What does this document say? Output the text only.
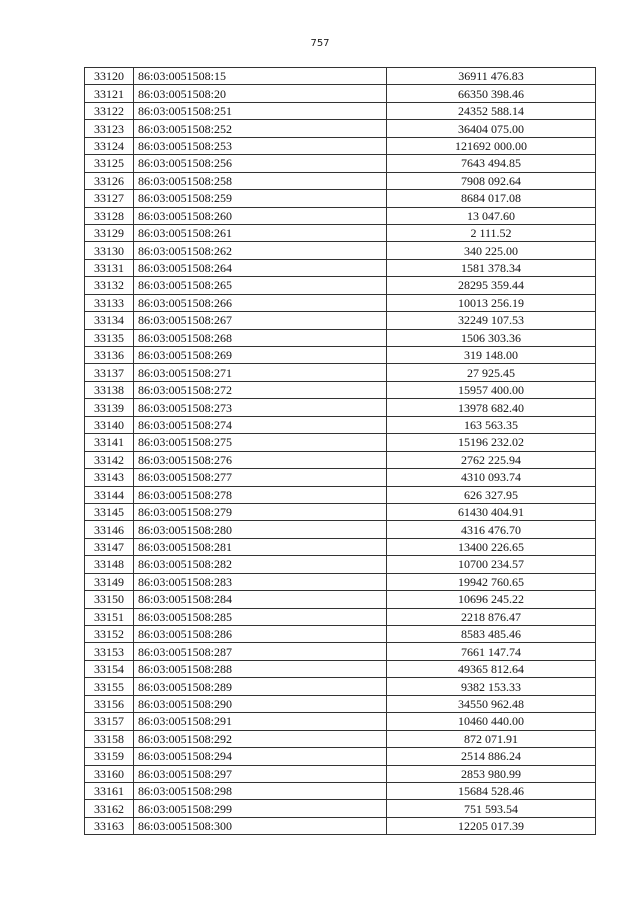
757
33120	86:03:0051508:15	36911 476.83
33121	86:03:0051508:20	66350 398.46
33122	86:03:0051508:251	24352 588.14
33123	86:03:0051508:252	36404 075.00
33124	86:03:0051508:253	121692 000.00
33125	86:03:0051508:256	7643 494.85
33126	86:03:0051508:258	7908 092.64
33127	86:03:0051508:259	8684 017.08
33128	86:03:0051508:260	13 047.60
33129	86:03:0051508:261	2 111.52
33130	86:03:0051508:262	340 225.00
33131	86:03:0051508:264	1581 378.34
33132	86:03:0051508:265	28295 359.44
33133	86:03:0051508:266	10013 256.19
33134	86:03:0051508:267	32249 107.53
33135	86:03:0051508:268	1506 303.36
33136	86:03:0051508:269	319 148.00
33137	86:03:0051508:271	27 925.45
33138	86:03:0051508:272	15957 400.00
33139	86:03:0051508:273	13978 682.40
33140	86:03:0051508:274	163 563.35
33141	86:03:0051508:275	15196 232.02
33142	86:03:0051508:276	2762 225.94
33143	86:03:0051508:277	4310 093.74
33144	86:03:0051508:278	626 327.95
33145	86:03:0051508:279	61430 404.91
33146	86:03:0051508:280	4316 476.70
33147	86:03:0051508:281	13400 226.65
33148	86:03:0051508:282	10700 234.57
33149	86:03:0051508:283	19942 760.65
33150	86:03:0051508:284	10696 245.22
33151	86:03:0051508:285	2218 876.47
33152	86:03:0051508:286	8583 485.46
33153	86:03:0051508:287	7661 147.74
33154	86:03:0051508:288	49365 812.64
33155	86:03:0051508:289	9382 153.33
33156	86:03:0051508:290	34550 962.48
33157	86:03:0051508:291	10460 440.00
33158	86:03:0051508:292	872 071.91
33159	86:03:0051508:294	2514 886.24
33160	86:03:0051508:297	2853 980.99
33161	86:03:0051508:298	15684 528.46
33162	86:03:0051508:299	751 593.54
33163	86:03:0051508:300	12205 017.39
